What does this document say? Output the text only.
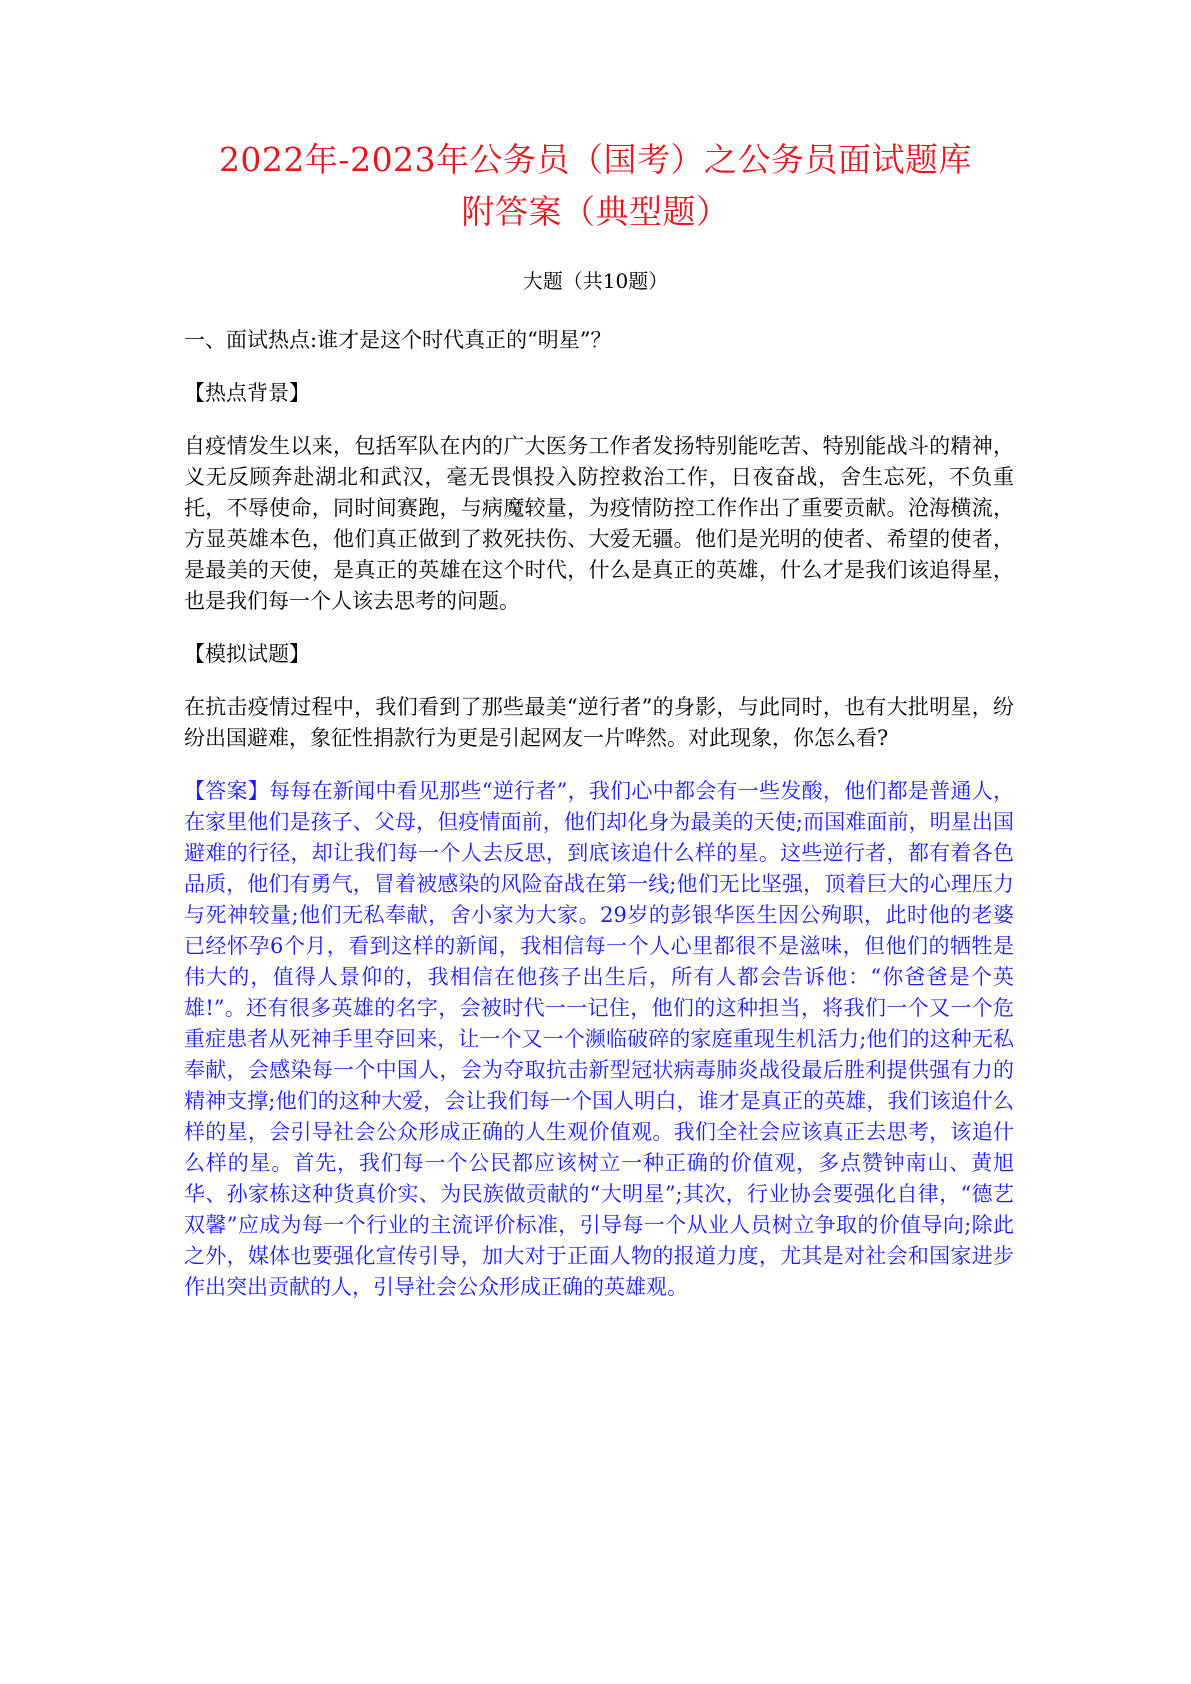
2022年-2023年公务员（国考）之公务员面试题库
附答案（典型题）
大题（共10题）

一、面试热点:谁才是这个时代真正的“明星”？

【热点背景】

自疫情发生以来，包括军队在内的广大医务工作者发扬特别能吃苦、特别能战斗的精神，义无反顾奔赴湖北和武汉，毫无畏惧投入防控救治工作，日夜奋战，舍生忘死，不负重托，不辱使命，同时间赛跑，与病魔较量，为疫情防控工作作出了重要贡献。沧海横流，方显英雄本色，他们真正做到了救死扶伤、大爱无疆。他们是光明的使者、希望的使者，是最美的天使，是真正的英雄在这个时代，什么是真正的英雄，什么才是我们该追得星，也是我们每一个人该去思考的问题。

【模拟试题】

在抗击疫情过程中，我们看到了那些最美“逆行者”的身影，与此同时，也有大批明星，纷纷出国避难，象征性捐款行为更是引起网友一片哗然。对此现象，你怎么看?

【答案】每每在新闻中看见那些“逆行者”，我们心中都会有一些发酸，他们都是普通人，在家里他们是孩子、父母，但疫情面前，他们却化身为最美的天使;而国难面前，明星出国避难的行径，却让我们每一个人去反思，到底该追什么样的星。这些逆行者，都有着各色品质，他们有勇气，冒着被感染的风险奋战在第一线;他们无比坚强，顶着巨大的心理压力与死神较量;他们无私奉献，舍小家为大家。29岁的彭银华医生因公殉职，此时他的老婆已经怀孕6个月，看到这样的新闻，我相信每一个人心里都很不是滋味，但他们的牺牲是伟大的，值得人景仰的，我相信在他孩子出生后，所有人都会告诉他：“你爸爸是个英雄!”。还有很多英雄的名字，会被时代一一记住，他们的这种担当，将我们一个又一个危重症患者从死神手里夺回来，让一个又一个濒临破碎的家庭重现生机活力;他们的这种无私奉献，会感染每一个中国人，会为夺取抗击新型冠状病毒肺炎战役最后胜利提供强有力的精神支撑;他们的这种大爱，会让我们每一个国人明白，谁才是真正的英雄，我们该追什么样的星，会引导社会公众形成正确的人生观价值观。我们全社会应该真正去思考，该追什么样的星。首先，我们每一个公民都应该树立一种正确的价值观，多点赞钟南山、黄旭华、孙家栋这种货真价实、为民族做贡献的“大明星”;其次，行业协会要强化自律，“德艺双馨”应成为每一个行业的主流评价标准，引导每一个从业人员树立争取的价值导向;除此之外，媒体也要强化宣传引导，加大对于正面人物的报道力度，尤其是对社会和国家进步作出突出贡献的人，引导社会公众形成正确的英雄观。
